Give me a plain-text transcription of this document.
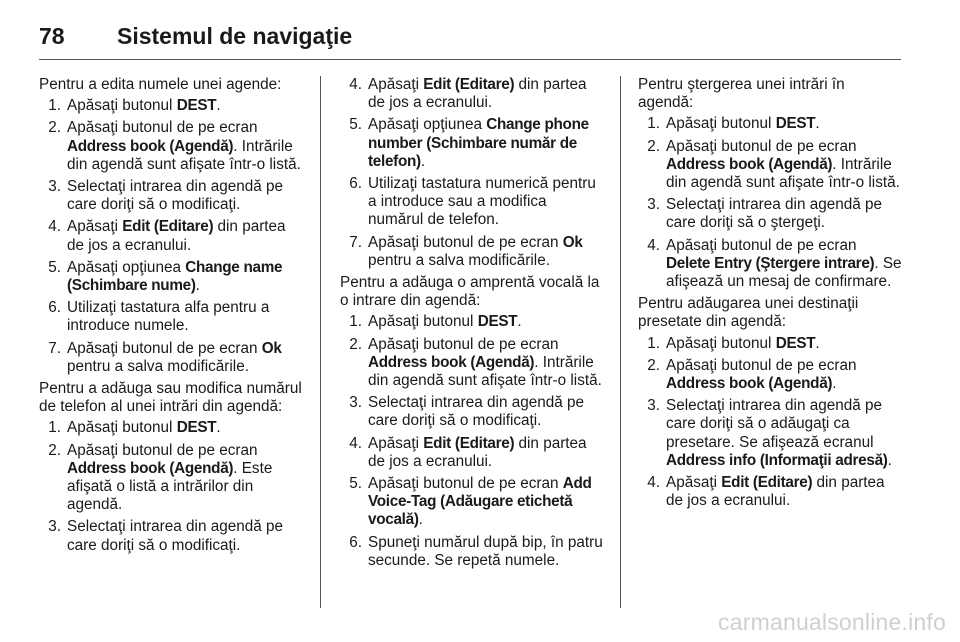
78	Sistemul de navigaţie

Pentru a edita numele unei agende:

1. Apăsaţi butonul DEST.
2. Apăsaţi butonul de pe ecran Address book (Agendă). Intrările din agendă sunt afişate într-o listă.
3. Selectaţi intrarea din agendă pe care doriţi să o modificaţi.
4. Apăsaţi Edit (Editare) din partea de jos a ecranului.
5. Apăsaţi opţiunea Change name (Schimbare nume).
6. Utilizaţi tastatura alfa pentru a introduce numele.
7. Apăsaţi butonul de pe ecran Ok pentru a salva modificările.

Pentru a adăuga sau modifica numărul de telefon al unei intrări din agendă:

1. Apăsaţi butonul DEST.
2. Apăsaţi butonul de pe ecran Address book (Agendă). Este afişată o listă a intrărilor din agendă.
3. Selectaţi intrarea din agendă pe care doriţi să o modificaţi.
4. Apăsaţi Edit (Editare) din partea de jos a ecranului.
5. Apăsaţi opţiunea Change phone number (Schimbare număr de telefon).
6. Utilizaţi tastatura numerică pentru a introduce sau a modifica numărul de telefon.
7. Apăsaţi butonul de pe ecran Ok pentru a salva modificările.

Pentru a adăuga o amprentă vocală la o intrare din agendă:

1. Apăsaţi butonul DEST.
2. Apăsaţi butonul de pe ecran Address book (Agendă). Intrările din agendă sunt afişate într-o listă.
3. Selectaţi intrarea din agendă pe care doriţi să o modificaţi.
4. Apăsaţi Edit (Editare) din partea de jos a ecranului.
5. Apăsaţi butonul de pe ecran Add Voice-Tag (Adăugare etichetă vocală).
6. Spuneţi numărul după bip, în patru secunde. Se repetă numele.

Pentru ştergerea unei intrări în agendă:

1. Apăsaţi butonul DEST.
2. Apăsaţi butonul de pe ecran Address book (Agendă). Intrările din agendă sunt afişate într-o listă.
3. Selectaţi intrarea din agendă pe care doriţi să o ştergeţi.
4. Apăsaţi butonul de pe ecran Delete Entry (Ştergere intrare). Se afişează un mesaj de confirmare.

Pentru adăugarea unei destinaţii presetate din agendă:

1. Apăsaţi butonul DEST.
2. Apăsaţi butonul de pe ecran Address book (Agendă).
3. Selectaţi intrarea din agendă pe care doriţi să o adăugaţi ca presetare. Se afişează ecranul Address info (Informaţii adresă).
4. Apăsaţi Edit (Editare) din partea de jos a ecranului.
carmanualsonline.info
